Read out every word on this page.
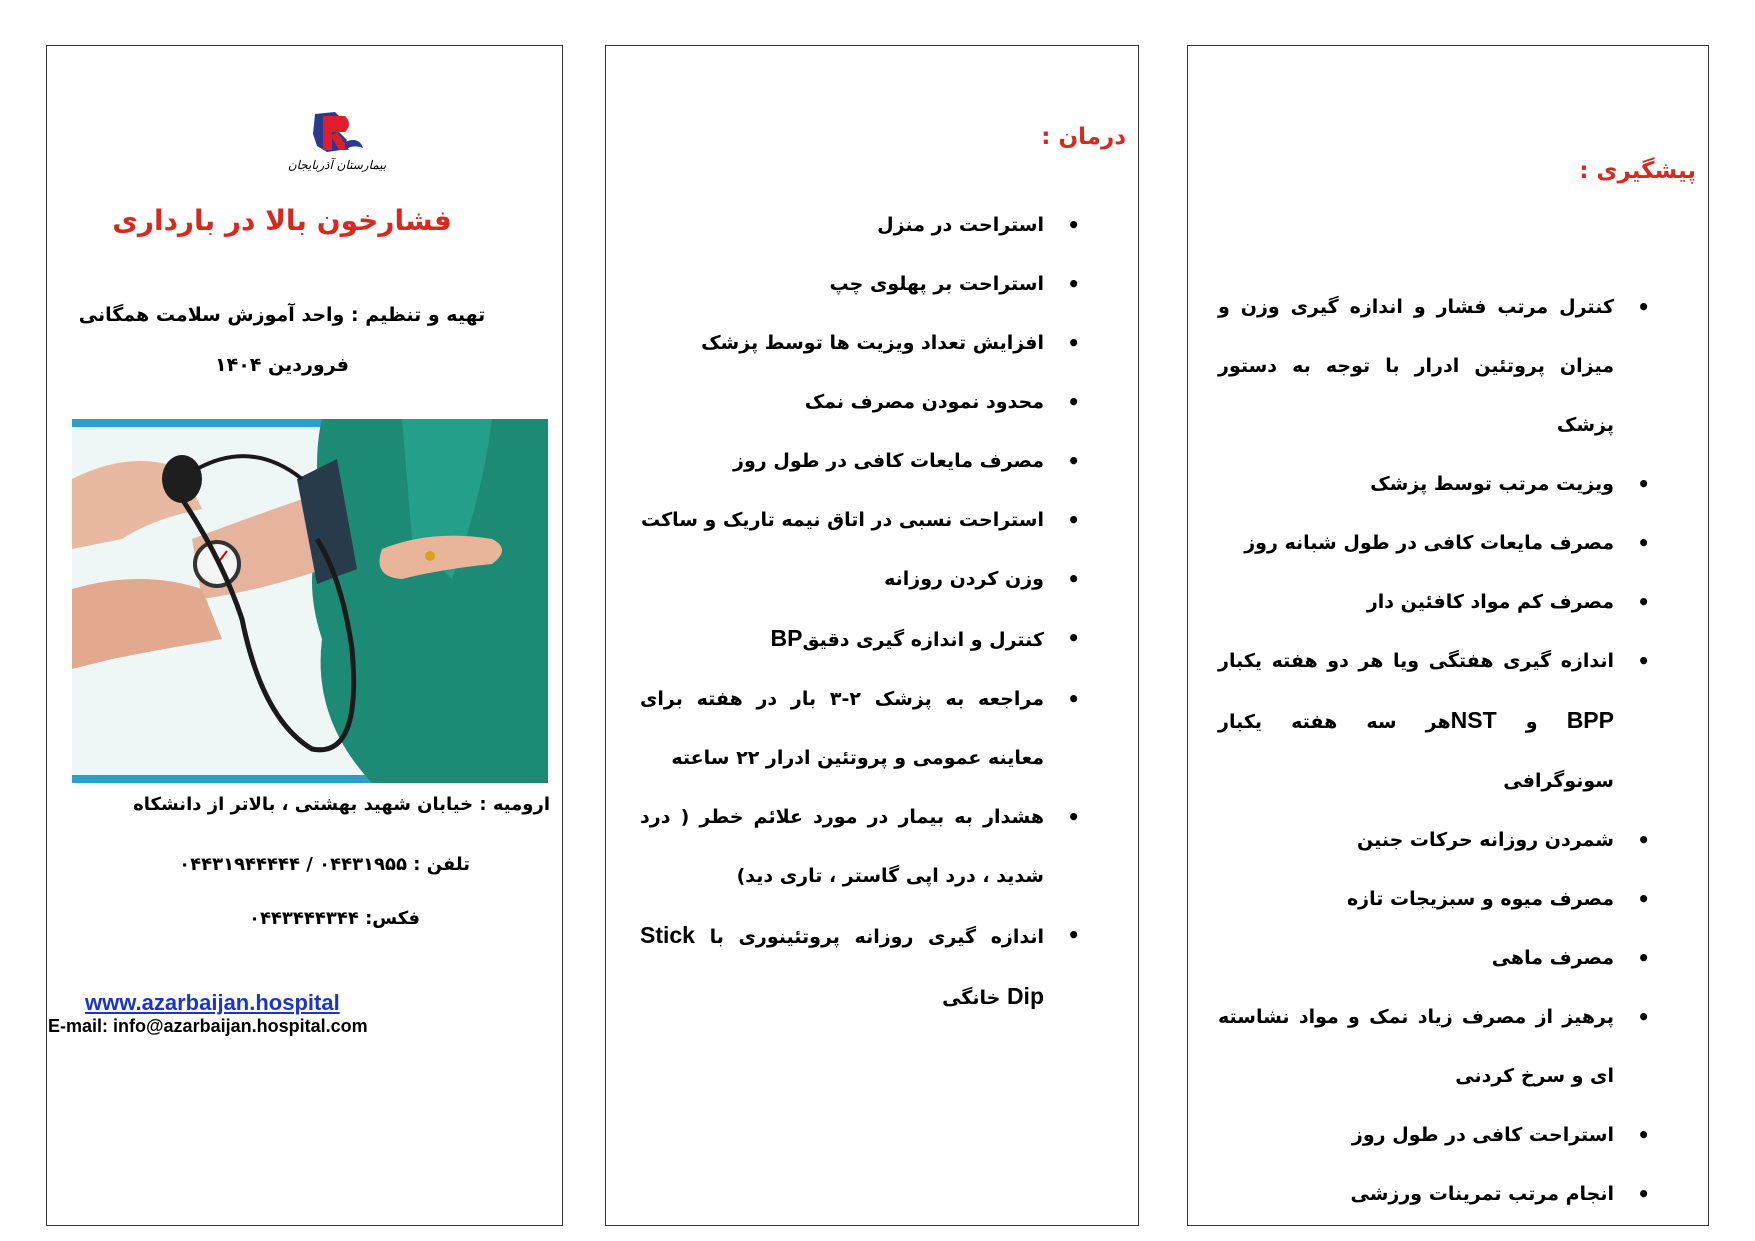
بیمارستان آذربایجان
فشارخون بالا در بارداری
تهیه و تنظیم : واحد آموزش سلامت همگانی
فروردین ۱۴۰۴
ارومیه : خیابان شهید بهشتی ، بالاتر از دانشکاه
تلفن : ۰۴۴۳۱۹۵۵ / ۰۴۴۳۱۹۴۴۴۴۴
فکس: ۰۴۴۳۴۴۴۳۴۴
www.azarbaijan.hospital
E-mail: info@azarbaijan.hospital.com
درمان :
• استراحت در منزل
• استراحت بر پهلوی چپ
• افزایش تعداد ویزیت ها توسط پزشک
• محدود نمودن مصرف نمک
• مصرف مایعات کافی در طول روز
• استراحت نسبی در اتاق نیمه تاریک و ساکت
• وزن کردن روزانه
• کنترل و اندازه گیری دقیقBP
• مراجعه به پزشک ۲-۳ بار در هفته برای معاینه عمومی و پروتئین ادرار ۲۲ ساعته
• هشدار به بیمار در مورد علائم خطر ( درد شدید ، درد اپی گاستر ، تاری دید)
• اندازه گیری روزانه پروتئینوری با Stick Dip خانگی
پیشگیری :
• کنترل مرتب فشار و اندازه گیری وزن و میزان پروتئین ادرار با توجه به دستور پزشک
• ویزیت مرتب توسط پزشک
• مصرف مایعات کافی در طول شبانه روز
• مصرف کم مواد کافئین دار
• اندازه گیری هفتگی ویا هر دو هفته یکبار BPP و NSTهر سه هفته یکبار سونوگرافی
• شمردن روزانه حرکات جنین
• مصرف میوه و سبزیجات تازه
• مصرف ماهی
• پرهیز از مصرف زیاد نمک و مواد نشاسته ای و سرخ کردنی
• استراحت کافی در طول روز
• انجام مرتب تمرینات ورزشی
